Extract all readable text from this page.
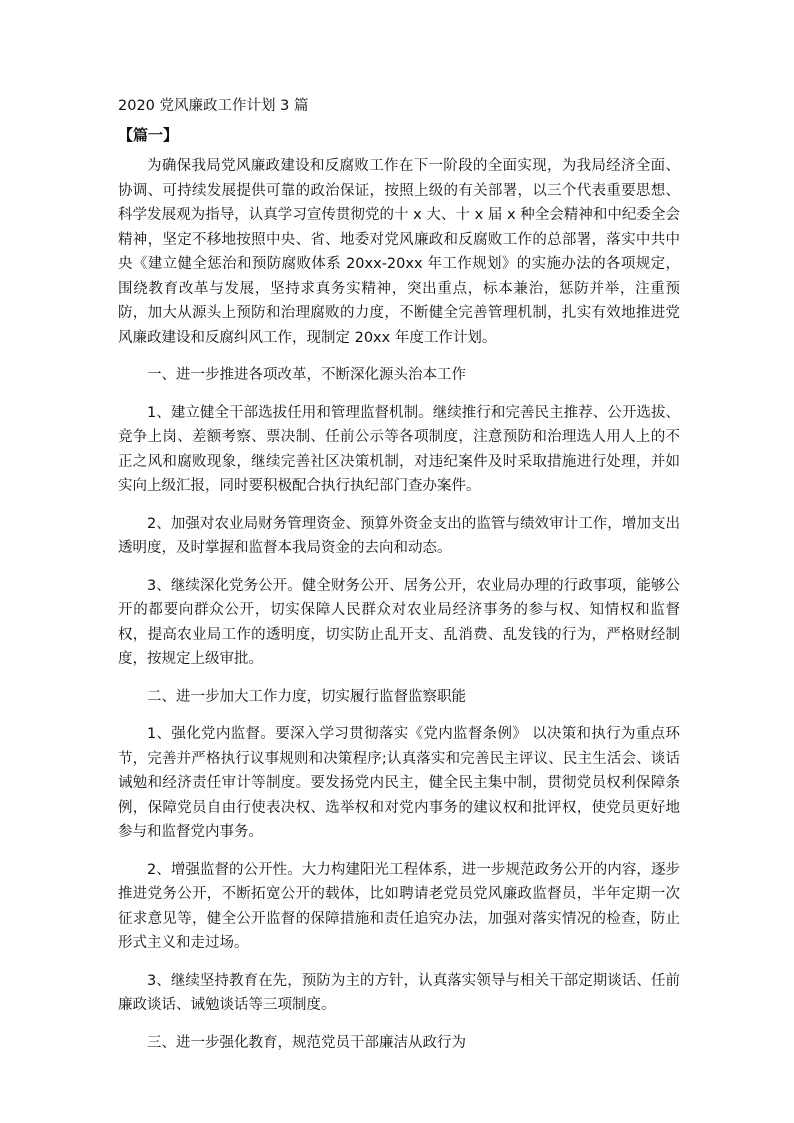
2020 党风廉政工作计划 3 篇
【篇一】

为确保我局党风廉政建设和反腐败工作在下一阶段的全面实现，为我局经济全面、协调、可持续发展提供可靠的政治保证，按照上级的有关部署，以三个代表重要思想、科学发展观为指导，认真学习宣传贯彻党的十 x 大、十 x 届 x 种全会精神和中纪委全会精神，坚定不移地按照中央、省、地委对党风廉政和反腐败工作的总部署，落实中共中央《建立健全惩治和预防腐败体系 20xx-20xx 年工作规划》的实施办法的各项规定，围绕教育改革与发展，坚持求真务实精神，突出重点，标本兼治，惩防并举，注重预防，加大从源头上预防和治理腐败的力度，不断健全完善管理机制，扎实有效地推进党风廉政建设和反腐纠风工作，现制定 20xx 年度工作计划。

一、进一步推进各项改革，不断深化源头治本工作

1、建立健全干部选拔任用和管理监督机制。继续推行和完善民主推荐、公开选拔、竞争上岗、差额考察、票决制、任前公示等各项制度，注意预防和治理选人用人上的不正之风和腐败现象，继续完善社区决策机制，对违纪案件及时采取措施进行处理，并如实向上级汇报，同时要积极配合执行执纪部门查办案件。

2、加强对农业局财务管理资金、预算外资金支出的监管与绩效审计工作，增加支出透明度，及时掌握和监督本我局资金的去向和动态。

3、继续深化党务公开。健全财务公开、居务公开，农业局办理的行政事项，能够公开的都要向群众公开，切实保障人民群众对农业局经济事务的参与权、知情权和监督权，提高农业局工作的透明度，切实防止乱开支、乱消费、乱发钱的行为，严格财经制度，按规定上级审批。

二、进一步加大工作力度，切实履行监督监察职能

1、强化党内监督。要深入学习贯彻落实《党内监督条例》 以决策和执行为重点环节，完善并严格执行议事规则和决策程序;认真落实和完善民主评议、民主生活会、谈话诫勉和经济责任审计等制度。要发扬党内民主，健全民主集中制，贯彻党员权利保障条例，保障党员自由行使表决权、选举权和对党内事务的建议权和批评权，使党员更好地参与和监督党内事务。

2、增强监督的公开性。大力构建阳光工程体系，进一步规范政务公开的内容，逐步推进党务公开，不断拓宽公开的载体，比如聘请老党员党风廉政监督员，半年定期一次征求意见等，健全公开监督的保障措施和责任追究办法，加强对落实情况的检查，防止形式主义和走过场。

3、继续坚持教育在先，预防为主的方针，认真落实领导与相关干部定期谈话、任前廉政谈话、诫勉谈话等三项制度。

三、进一步强化教育，规范党员干部廉洁从政行为
